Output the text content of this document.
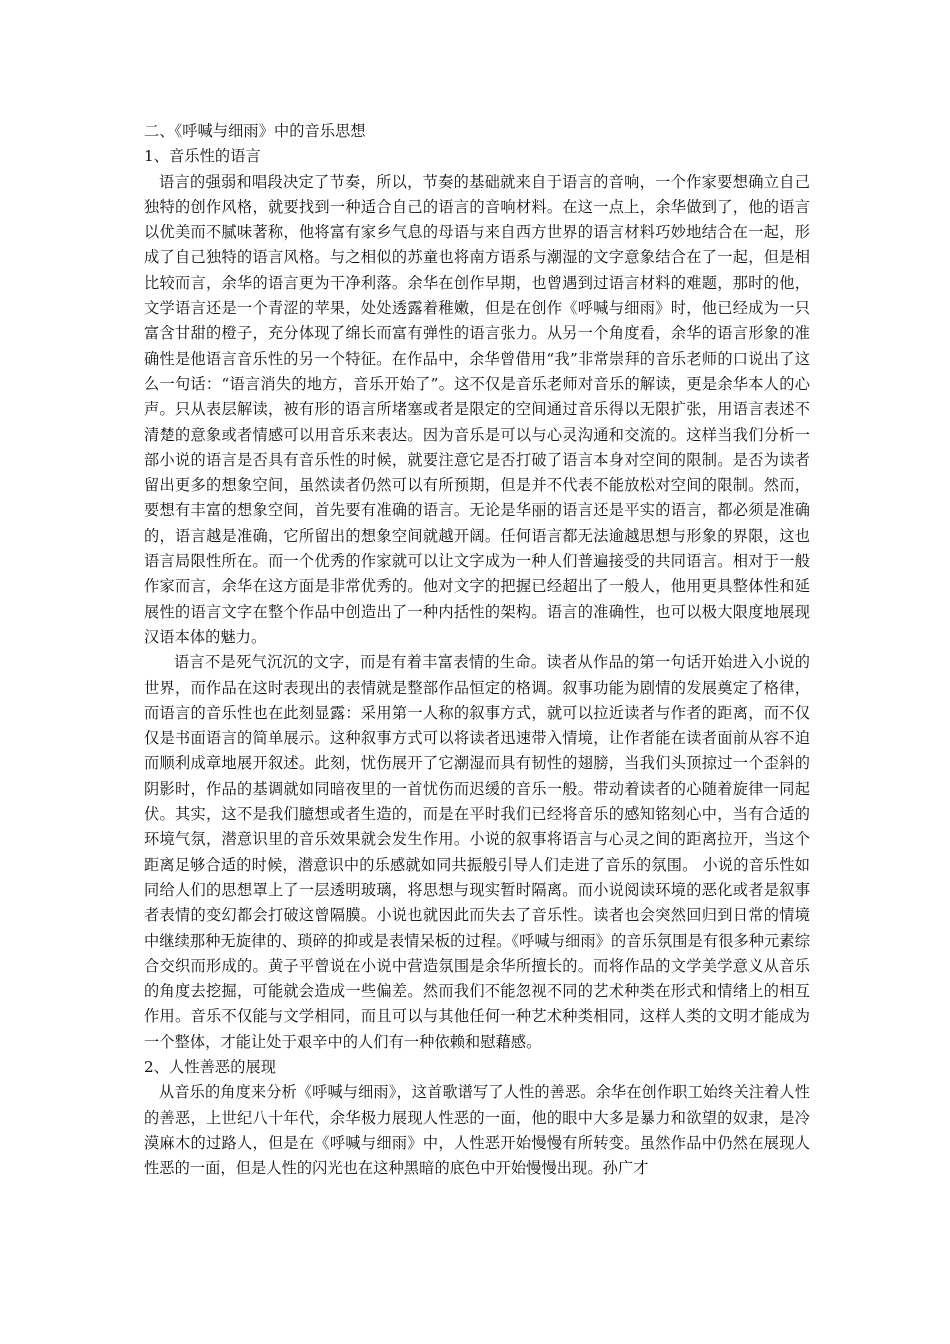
二、《呼喊与细雨》中的音乐思想

1、音乐性的语言

语言的强弱和唱段决定了节奏，所以，节奏的基础就来自于语言的音响，一个作家要想确立自己独特的创作风格，就要找到一种适合自己的语言的音响材料。在这一点上，余华做到了，他的语言以优美而不腻味著称，他将富有家乡气息的母语与来自西方世界的语言材料巧妙地结合在一起，形成了自己独特的语言风格。与之相似的苏童也将南方语系与潮湿的文字意象结合在了一起，但是相比较而言，余华的语言更为干净利落。余华在创作早期，也曾遇到过语言材料的难题，那时的他，文学语言还是一个青涩的苹果，处处透露着稚嫩，但是在创作《呼喊与细雨》时，他已经成为一只富含甘甜的橙子，充分体现了绵长而富有弹性的语言张力。从另一个角度看，余华的语言形象的准确性是他语言音乐性的另一个特征。在作品中，余华曾借用“我”非常崇拜的音乐老师的口说出了这么一句话：“语言消失的地方，音乐开始了”。这不仅是音乐老师对音乐的解读，更是余华本人的心声。只从表层解读，被有形的语言所堵塞或者是限定的空间通过音乐得以无限扩张，用语言表述不清楚的意象或者情感可以用音乐来表达。因为音乐是可以与心灵沟通和交流的。这样当我们分析一部小说的语言是否具有音乐性的时候，就要注意它是否打破了语言本身对空间的限制。是否为读者留出更多的想象空间，虽然读者仍然可以有所预期，但是并不代表不能放松对空间的限制。然而，要想有丰富的想象空间，首先要有准确的语言。无论是华丽的语言还是平实的语言，都必须是准确的，语言越是准确，它所留出的想象空间就越开阔。任何语言都无法逾越思想与形象的界限，这也语言局限性所在。而一个优秀的作家就可以让文字成为一种人们普遍接受的共同语言。相对于一般作家而言，余华在这方面是非常优秀的。他对文字的把握已经超出了一般人，他用更具整体性和延展性的语言文字在整个作品中创造出了一种内括性的架构。语言的准确性，也可以极大限度地展现汉语本体的魅力。

语言不是死气沉沉的文字，而是有着丰富表情的生命。读者从作品的第一句话开始进入小说的世界，而作品在这时表现出的表情就是整部作品恒定的格调。叙事功能为剧情的发展奠定了格律，而语言的音乐性也在此刻显露：采用第一人称的叙事方式，就可以拉近读者与作者的距离，而不仅仅是书面语言的简单展示。这种叙事方式可以将读者迅速带入情境，让作者能在读者面前从容不迫而顺利成章地展开叙述。此刻，忧伤展开了它潮湿而具有韧性的翅膀，当我们头顶掠过一个歪斜的阴影时，作品的基调就如同暗夜里的一首忧伤而迟缓的音乐一般。带动着读者的心随着旋律一同起伏。其实，这不是我们臆想或者生造的，而是在平时我们已经将音乐的感知铭刻心中，当有合适的环境气氛，潜意识里的音乐效果就会发生作用。小说的叙事将语言与心灵之间的距离拉开，当这个距离足够合适的时候，潜意识中的乐感就如同共振般引导人们走进了音乐的氛围。 小说的音乐性如同给人们的思想罩上了一层透明玻璃，将思想与现实暂时隔离。而小说阅读环境的恶化或者是叙事者表情的变幻都会打破这曾隔膜。小说也就因此而失去了音乐性。读者也会突然回归到日常的情境中继续那种无旋律的、琐碎的抑或是表情呆板的过程。《呼喊与细雨》的音乐氛围是有很多种元素综合交织而形成的。黄子平曾说在小说中营造氛围是余华所擅长的。而将作品的文学美学意义从音乐的角度去挖掘，可能就会造成一些偏差。然而我们不能忽视不同的艺术种类在形式和情绪上的相互作用。音乐不仅能与文学相同，而且可以与其他任何一种艺术种类相同，这样人类的文明才能成为一个整体，才能让处于艰辛中的人们有一种依赖和慰藉感。

2、人性善恶的展现

从音乐的角度来分析《呼喊与细雨》，这首歌谱写了人性的善恶。余华在创作职工始终关注着人性的善恶，上世纪八十年代，余华极力展现人性恶的一面，他的眼中大多是暴力和欲望的奴隶，是冷漠麻木的过路人，但是在《呼喊与细雨》中，人性恶开始慢慢有所转变。虽然作品中仍然在展现人性恶的一面，但是人性的闪光也在这种黑暗的底色中开始慢慢出现。孙广才
